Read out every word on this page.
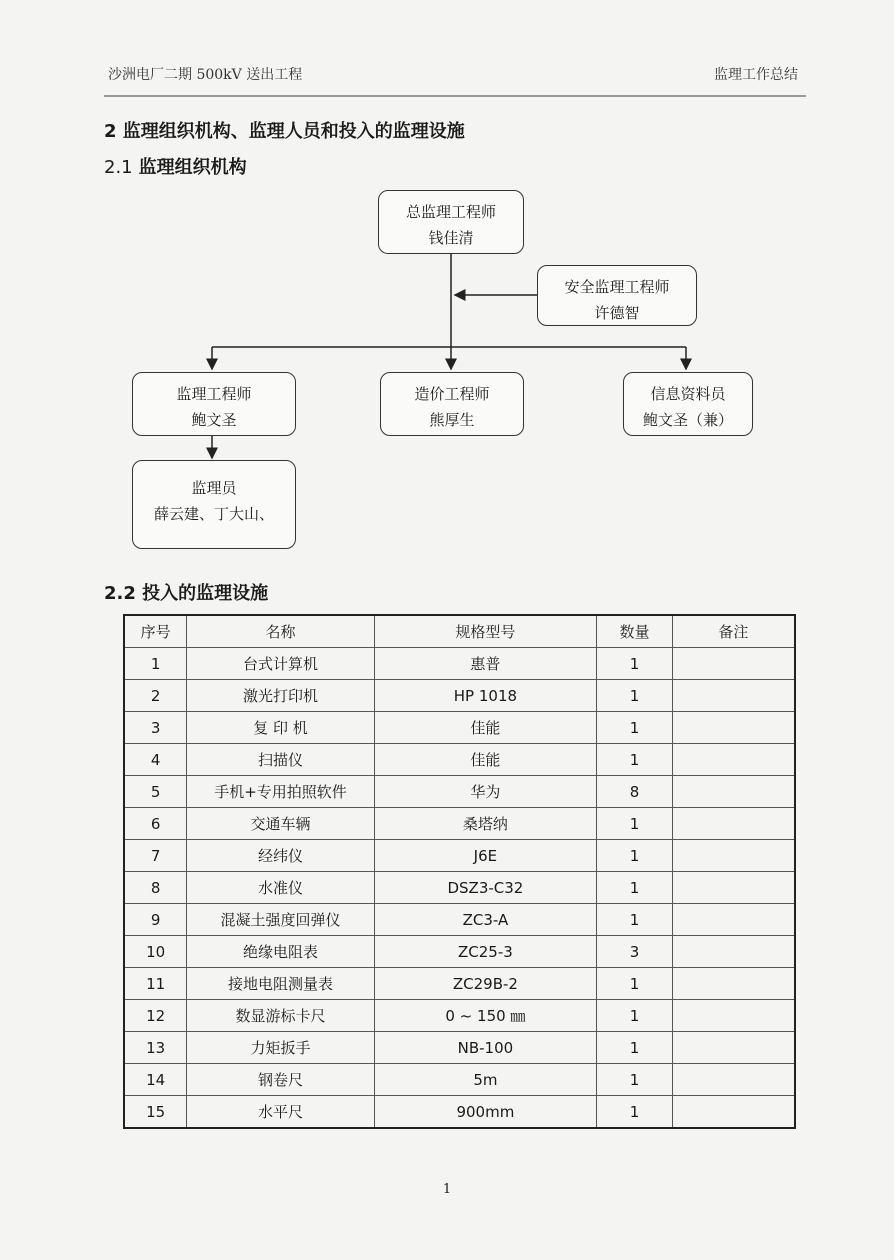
沙洲电厂二期 500kV 送出工程	监理工作总结
2 监理组织机构、监理人员和投入的监理设施
2.1 监理组织机构
总监理工程师
钱佳清
安全监理工程师
许德智
监理工程师
鲍文圣
造价工程师
熊厚生
信息资料员
鲍文圣（兼）
监理员
薛云建、丁大山、
2.2 投入的监理设施
序号	名称	规格型号	数量	备注
1	台式计算机	惠普	1	
2	激光打印机	HP 1018	1	
3	复 印 机	佳能	1	
4	扫描仪	佳能	1	
5	手机+专用拍照软件	华为	8	
6	交通车辆	桑塔纳	1	
7	经纬仪	J6E	1	
8	水准仪	DSZ3-C32	1	
9	混凝土强度回弹仪	ZC3-A	1	
10	绝缘电阻表	ZC25-3	3	
11	接地电阻测量表	ZC29B-2	1	
12	数显游标卡尺	0 ~ 150 ㎜	1	
13	力矩扳手	NB-100	1	
14	钢卷尺	5m	1	
15	水平尺	900mm	1	
1
